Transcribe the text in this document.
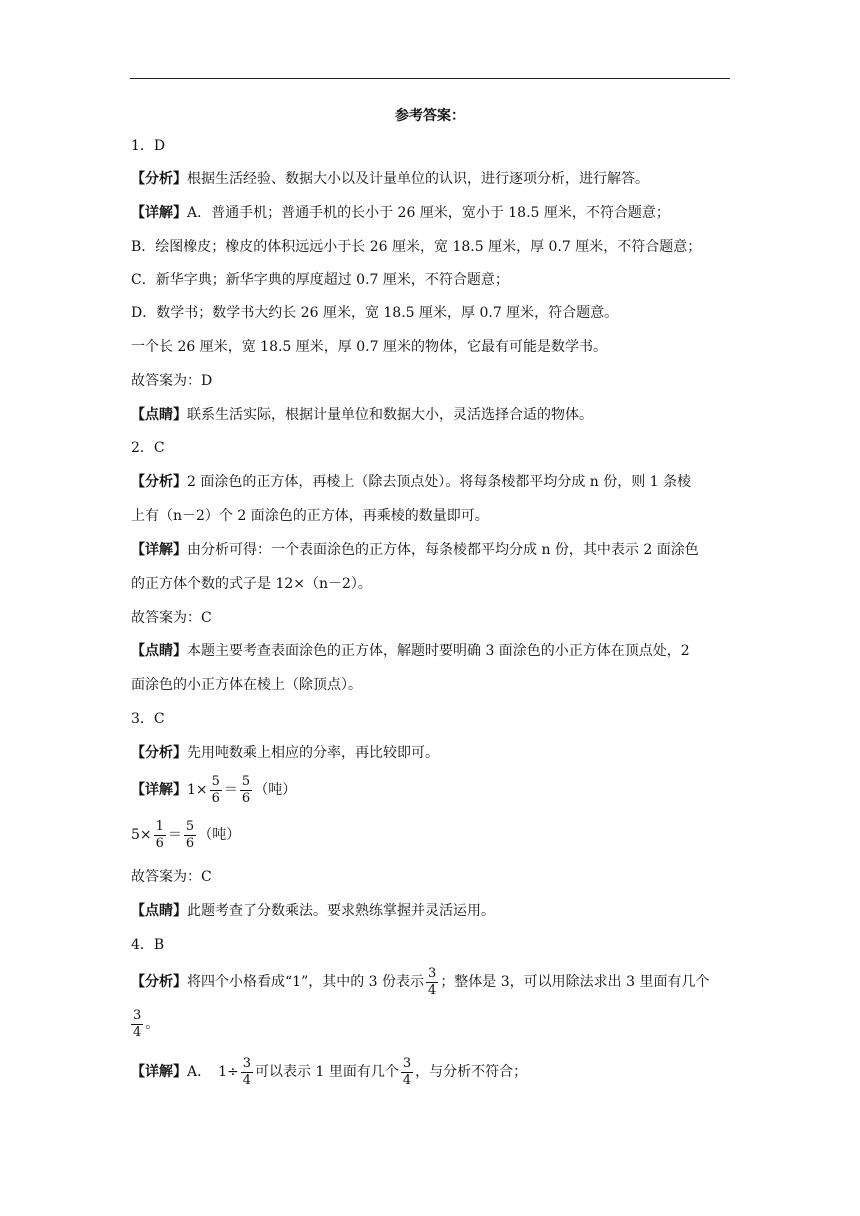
参考答案：
1．D
【分析】根据生活经验、数据大小以及计量单位的认识，进行逐项分析，进行解答。
【详解】A．普通手机；普通手机的长小于 26 厘米，宽小于 18.5 厘米，不符合题意；
B．绘图橡皮；橡皮的体积远远小于长 26 厘米，宽 18.5 厘米，厚 0.7 厘米，不符合题意；
C．新华字典；新华字典的厚度超过 0.7 厘米，不符合题意；
D．数学书；数学书大约长 26 厘米，宽 18.5 厘米，厚 0.7 厘米，符合题意。
一个长 26 厘米，宽 18.5 厘米，厚 0.7 厘米的物体，它最有可能是数学书。
故答案为：D
【点睛】联系生活实际，根据计量单位和数据大小，灵活选择合适的物体。
2．C
【分析】2 面涂色的正方体，再棱上（除去顶点处）。将每条棱都平均分成 n 份，则 1 条棱
上有（n－2）个 2 面涂色的正方体，再乘棱的数量即可。
【详解】由分析可得：一个表面涂色的正方体，每条棱都平均分成 n 份，其中表示 2 面涂色
的正方体个数的式子是 12×（n－2）。
故答案为：C
【点睛】本题主要考查表面涂色的正方体，解题时要明确 3 面涂色的小正方体在顶点处，2
面涂色的小正方体在棱上（除顶点）。
3．C
【分析】先用吨数乘上相应的分率，再比较即可。
【详解】$1\times \frac{5}{6} = \frac{5}{6}$ （吨）
$5\times \frac{1}{6} = \frac{5}{6}$ （吨）
故答案为：C
【点睛】此题考查了分数乘法。要求熟练掌握并灵活运用。
4．B
【分析】将四个小格看成“1”，其中的 3 份表示 $\frac{3}{4}$ ；整体是 3，可以用除法求出 3 里面有几个
$\frac{3}{4}$ 。
【详解】A．　$1\div \frac{3}{4}$ 可以表示 1 里面有几个 $\frac{3}{4}$ ，与分析不符合；
